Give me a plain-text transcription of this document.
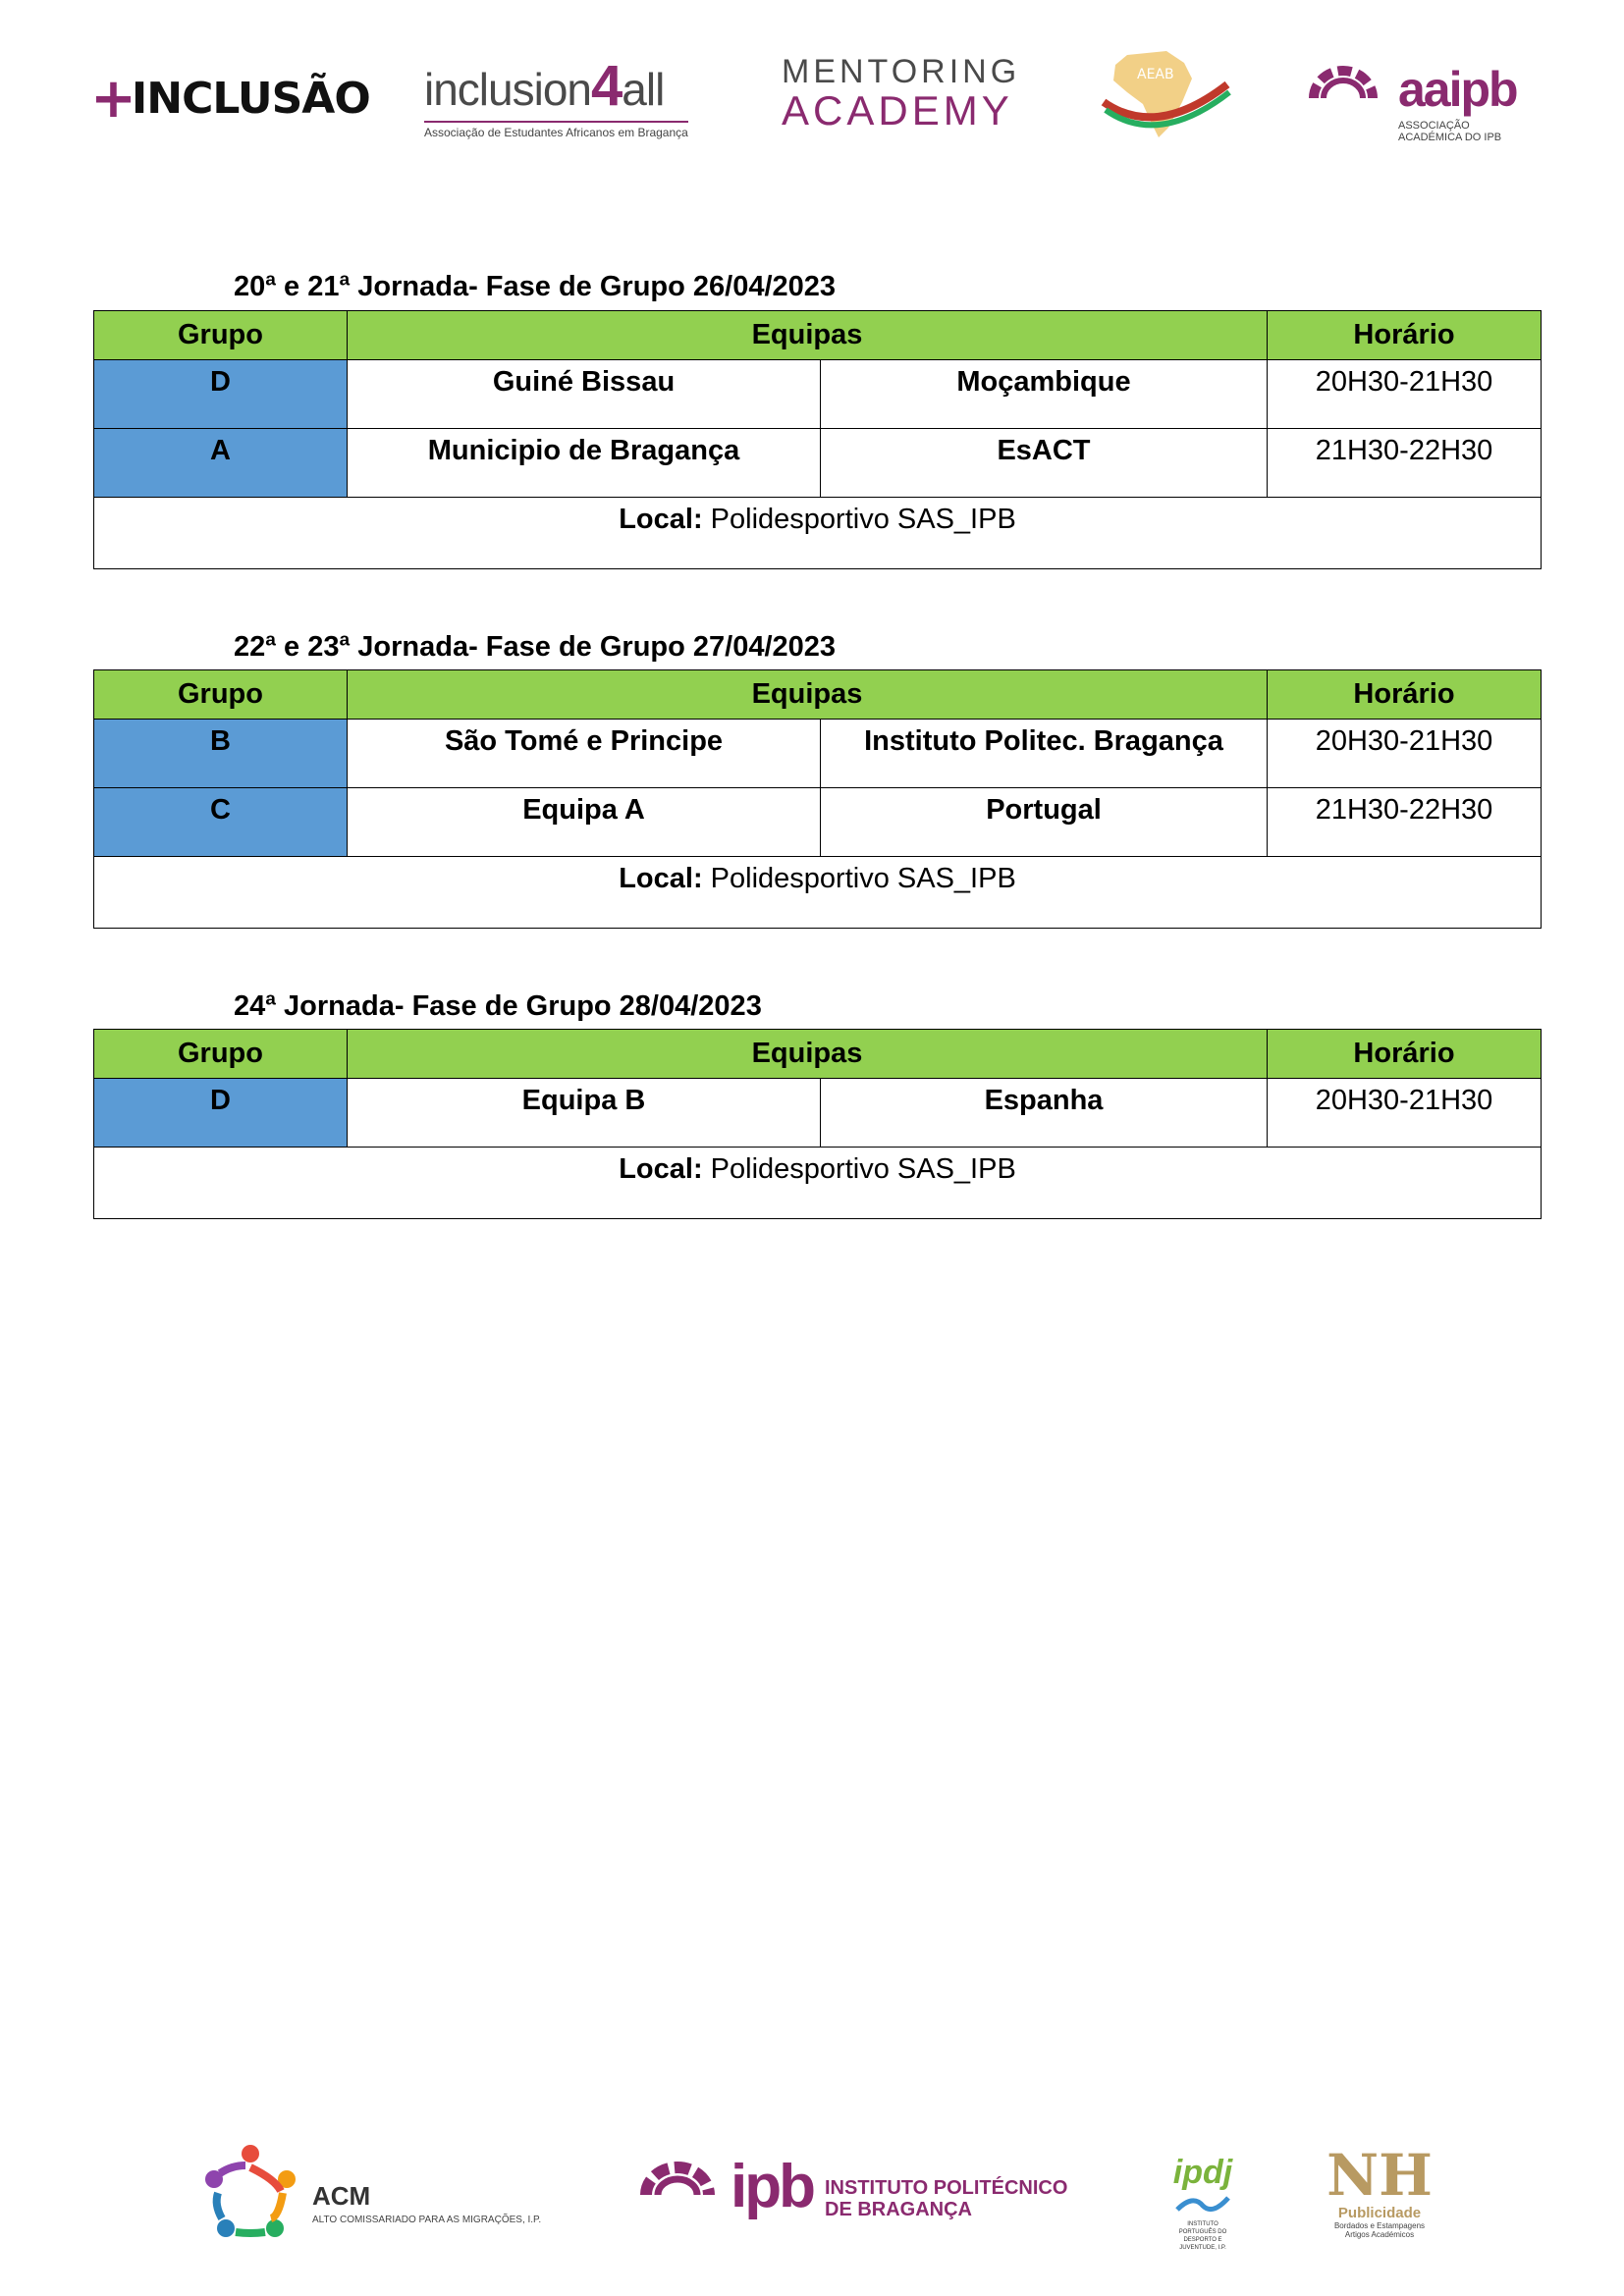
+INCLUSÃO inclusion4all
Associação de Estudantes Africanos em Bragança
MENTORING
ACADEMY
AEAB	aaipb
ASSOCIAÇÃO ACADÉMICA DO IPB
20ª e 21ª Jornada- Fase de Grupo 26/04/2023
Grupo	Equipas		Horário
D	Guiné Bissau	Moçambique	20H30-21H30
A	Municipio de Bragança	EsACT	21H30-22H30
Local: Polidesportivo SAS_IPB			
22ª e 23ª Jornada- Fase de Grupo 27/04/2023
Grupo	Equipas		Horário
B	São Tomé e Principe	Instituto Politec. Bragança	20H30-21H30
C	Equipa A	Portugal	21H30-22H30
Local: Polidesportivo SAS_IPB			
24ª Jornada- Fase de Grupo 28/04/2023
Grupo	Equipas		Horário
D	Equipa B	Espanha	20H30-21H30
Local: Polidesportivo SAS_IPB			
ACM
ALTO COMISSARIADO PARA AS MIGRAÇÕES, I.P.	ipb INSTITUTO POLITÉCNICO
DE BRAGANÇA
ipdj
INSTITUTO PORTUGUÊS DO DESPORTO E JUVENTUDE, I.P.
NH
Publicidade
Bordados e Estampagens Artigos Académicos
